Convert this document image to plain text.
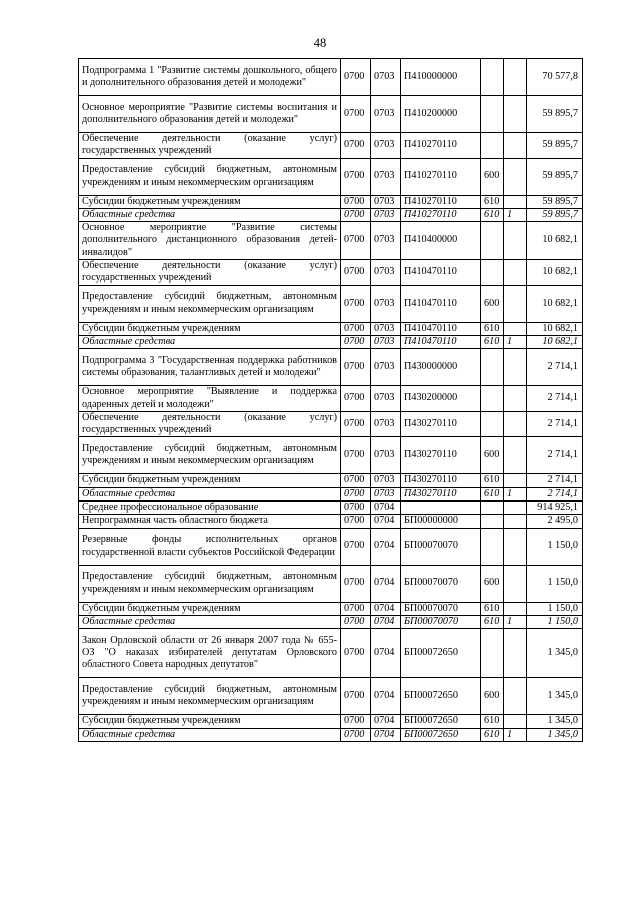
48
Подпрограмма 1 "Развитие системы дошкольного, общего и дополнительного образования детей и молодежи"	0700	0703	П410000000			70 577,8
Основное мероприятие "Развитие системы воспитания и дополнительного образования детей и молодежи"	0700	0703	П410200000			59 895,7
Обеспечение деятельности (оказание услуг) государственных учреждений	0700	0703	П410270110			59 895,7
Предоставление субсидий бюджетным, автономным учреждениям и иным некоммерческим организациям	0700	0703	П410270110	600		59 895,7
Субсидии бюджетным учреждениям	0700	0703	П410270110	610		59 895,7
Областные средства	0700	0703	П410270110	610	1	59 895,7
Основное мероприятие "Развитие системы дополнительного дистанционного образования детей-инвалидов"	0700	0703	П410400000			10 682,1
Обеспечение деятельности (оказание услуг) государственных учреждений	0700	0703	П410470110			10 682,1
Предоставление субсидий бюджетным, автономным учреждениям и иным некоммерческим организациям	0700	0703	П410470110	600		10 682,1
Субсидии бюджетным учреждениям	0700	0703	П410470110	610		10 682,1
Областные средства	0700	0703	П410470110	610	1	10 682,1
Подпрограмма 3 "Государственная поддержка работников системы образования, талантливых детей и молодежи"	0700	0703	П430000000			2 714,1
Основное мероприятие "Выявление и поддержка одаренных детей и молодежи"	0700	0703	П430200000			2 714,1
Обеспечение деятельности (оказание услуг) государственных учреждений	0700	0703	П430270110			2 714,1
Предоставление субсидий бюджетным, автономным учреждениям и иным некоммерческим организациям	0700	0703	П430270110	600		2 714,1
Субсидии бюджетным учреждениям	0700	0703	П430270110	610		2 714,1
Областные средства	0700	0703	П430270110	610	1	2 714,1
Среднее профессиональное образование	0700	0704				914 925,1
Непрограммная часть областного бюджета	0700	0704	БП00000000			2 495,0
Резервные фонды исполнительных органов государственной власти субъектов Российской Федерации	0700	0704	БП00070070			1 150,0
Предоставление субсидий бюджетным, автономным учреждениям и иным некоммерческим организациям	0700	0704	БП00070070	600		1 150,0
Субсидии бюджетным учреждениям	0700	0704	БП00070070	610		1 150,0
Областные средства	0700	0704	БП00070070	610	1	1 150,0
Закон Орловской области от 26 января 2007 года № 655-ОЗ "О наказах избирателей депутатам Орловского областного Совета народных депутатов"	0700	0704	БП00072650			1 345,0
Предоставление субсидий бюджетным, автономным учреждениям и иным некоммерческим организациям	0700	0704	БП00072650	600		1 345,0
Субсидии бюджетным учреждениям	0700	0704	БП00072650	610		1 345,0
Областные средства	0700	0704	БП00072650	610	1	1 345,0
